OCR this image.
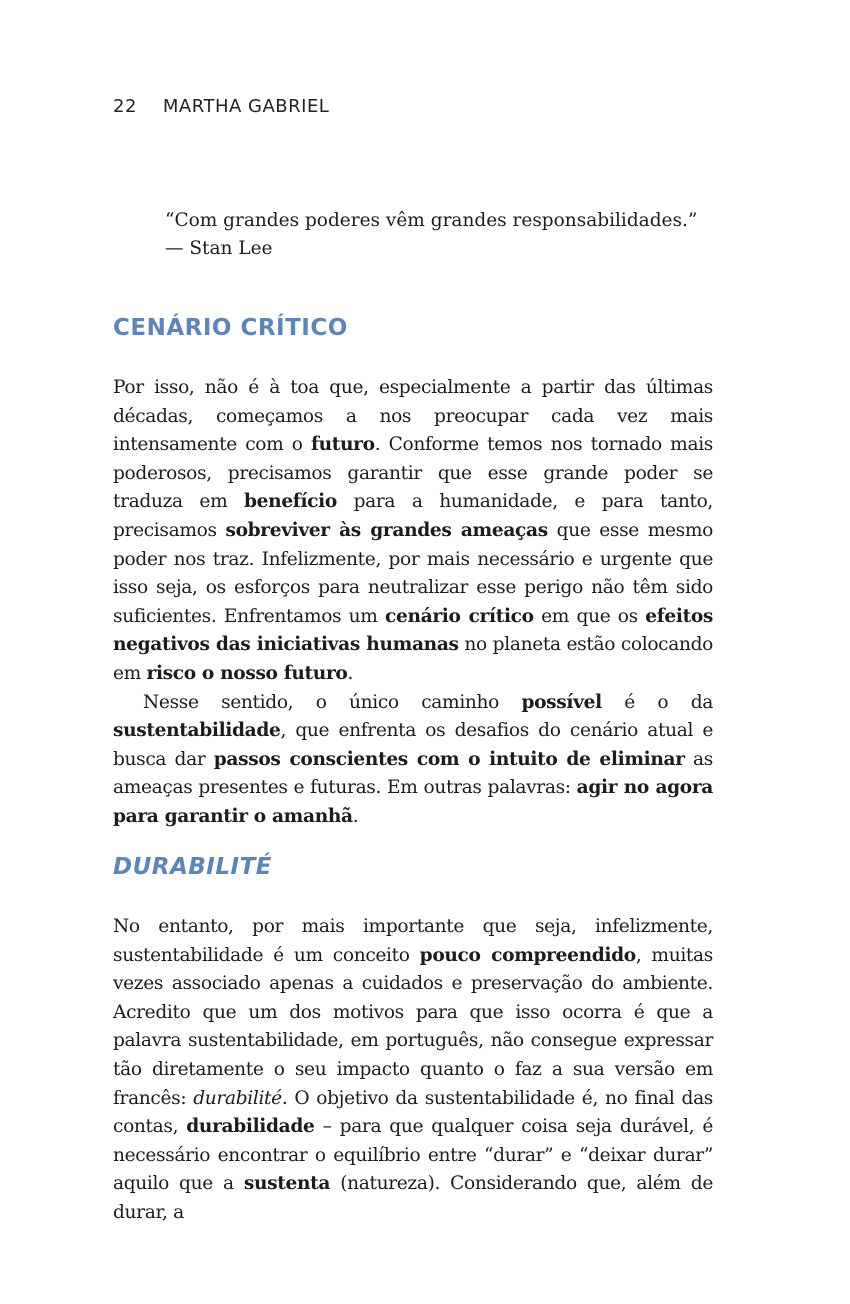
22 MARTHA GABRIEL
“Com grandes poderes vêm grandes responsabilidades.”
— Stan Lee
CENÁRIO CRÍTICO

Por isso, não é à toa que, especialmente a partir das últimas décadas, começamos a nos preocupar cada vez mais intensamente com o futuro. Conforme temos nos tornado mais poderosos, precisamos garantir que esse grande poder se traduza em benefício para a humanidade, e para tanto, precisamos sobreviver às grandes ameaças que esse mesmo poder nos traz. Infelizmente, por mais necessário e urgente que isso seja, os esforços para neutralizar esse perigo não têm sido suficientes. Enfrentamos um cenário crítico em que os efeitos negativos das iniciativas humanas no planeta estão colocando em risco o nosso futuro.

Nesse sentido, o único caminho possível é o da sustentabilidade, que enfrenta os desafios do cenário atual e busca dar passos conscientes com o intuito de eliminar as ameaças presentes e futuras. Em outras palavras: agir no agora para garantir o amanhã.

DURABILITÉ

No entanto, por mais importante que seja, infelizmente, sustentabilidade é um conceito pouco compreendido, muitas vezes associado apenas a cuidados e preservação do ambiente. Acredito que um dos motivos para que isso ocorra é que a palavra sustentabilidade, em português, não consegue expressar tão diretamente o seu impacto quanto o faz a sua versão em francês: durabilité. O objetivo da sustentabilidade é, no final das contas, durabilidade – para que qualquer coisa seja durável, é necessário encontrar o equilíbrio entre “durar” e “deixar durar” aquilo que a sustenta (natureza). Considerando que, além de durar, a
